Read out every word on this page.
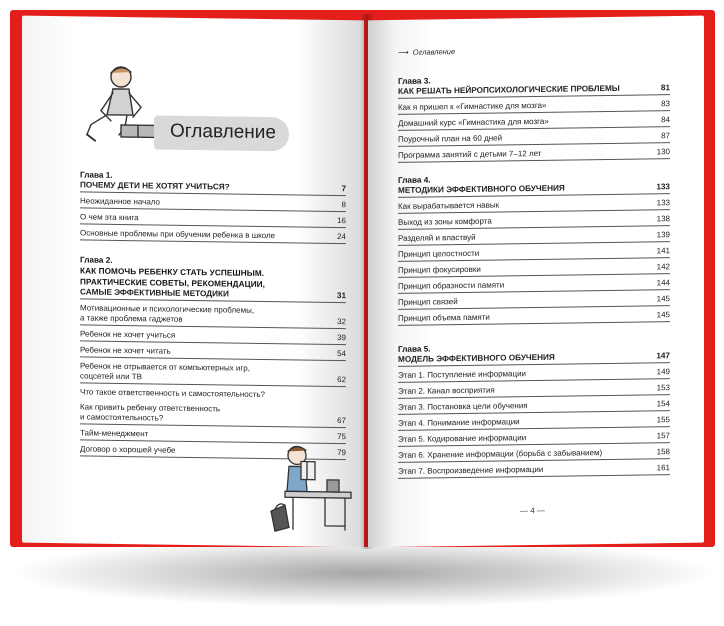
Оглавление
Глава 1.
ПОЧЕМУ ДЕТИ НЕ ХОТЯТ УЧИТЬСЯ?	7
Неожиданное начало	8
О чем эта книга	16
Основные проблемы при обучении ребенка в школе	24
Глава 2.
КАК ПОМОЧЬ РЕБЕНКУ СТАТЬ УСПЕШНЫМ.
ПРАКТИЧЕСКИЕ СОВЕТЫ, РЕКОМЕНДАЦИИ,
САМЫЕ ЭФФЕКТИВНЫЕ МЕТОДИКИ	31
Мотивационные и психологические проблемы,
а также проблема гаджетов	32
Ребенок не хочет учиться	39
Ребенок не хочет читать	54
Ребенок не отрывается от компьютерных игр,
соцсетей или ТВ	62
Что такое ответственность и самостоятельность?
Как привить ребенку ответственность
и самостоятельность?	67
Тайм-менеджмент	75
Договор о хорошей учебе	79
⟶ Оглавление
Глава 3.
КАК РЕШАТЬ НЕЙРОПСИХОЛОГИЧЕСКИЕ ПРОБЛЕМЫ	81
Как я пришел к «Гимнастике для мозга»	83
Домашний курс «Гимнастика для мозга»	84
Поурочный план на 60 дней	87
Программа занятий с детьми 7–12 лет	130
Глава 4.
МЕТОДИКИ ЭФФЕКТИВНОГО ОБУЧЕНИЯ	133
Как вырабатывается навык	133
Выход из зоны комфорта	138
Разделяй и властвуй	139
Принцип целостности	141
Принцип фокусировки	142
Принцип образности памяти	144
Принцип связей	145
Принцип объема памяти	145
Глава 5.
МОДЕЛЬ ЭФФЕКТИВНОГО ОБУЧЕНИЯ	147
Этап 1. Поступление информации	149
Этап 2. Канал восприятия	153
Этап 3. Постановка цели обучения	154
Этап 4. Понимание информации	155
Этап 5. Кодирование информации	157
Этап 6. Хранение информации (борьба с забыванием)	158
Этап 7. Воспроизведение информации	161
— 4 —
